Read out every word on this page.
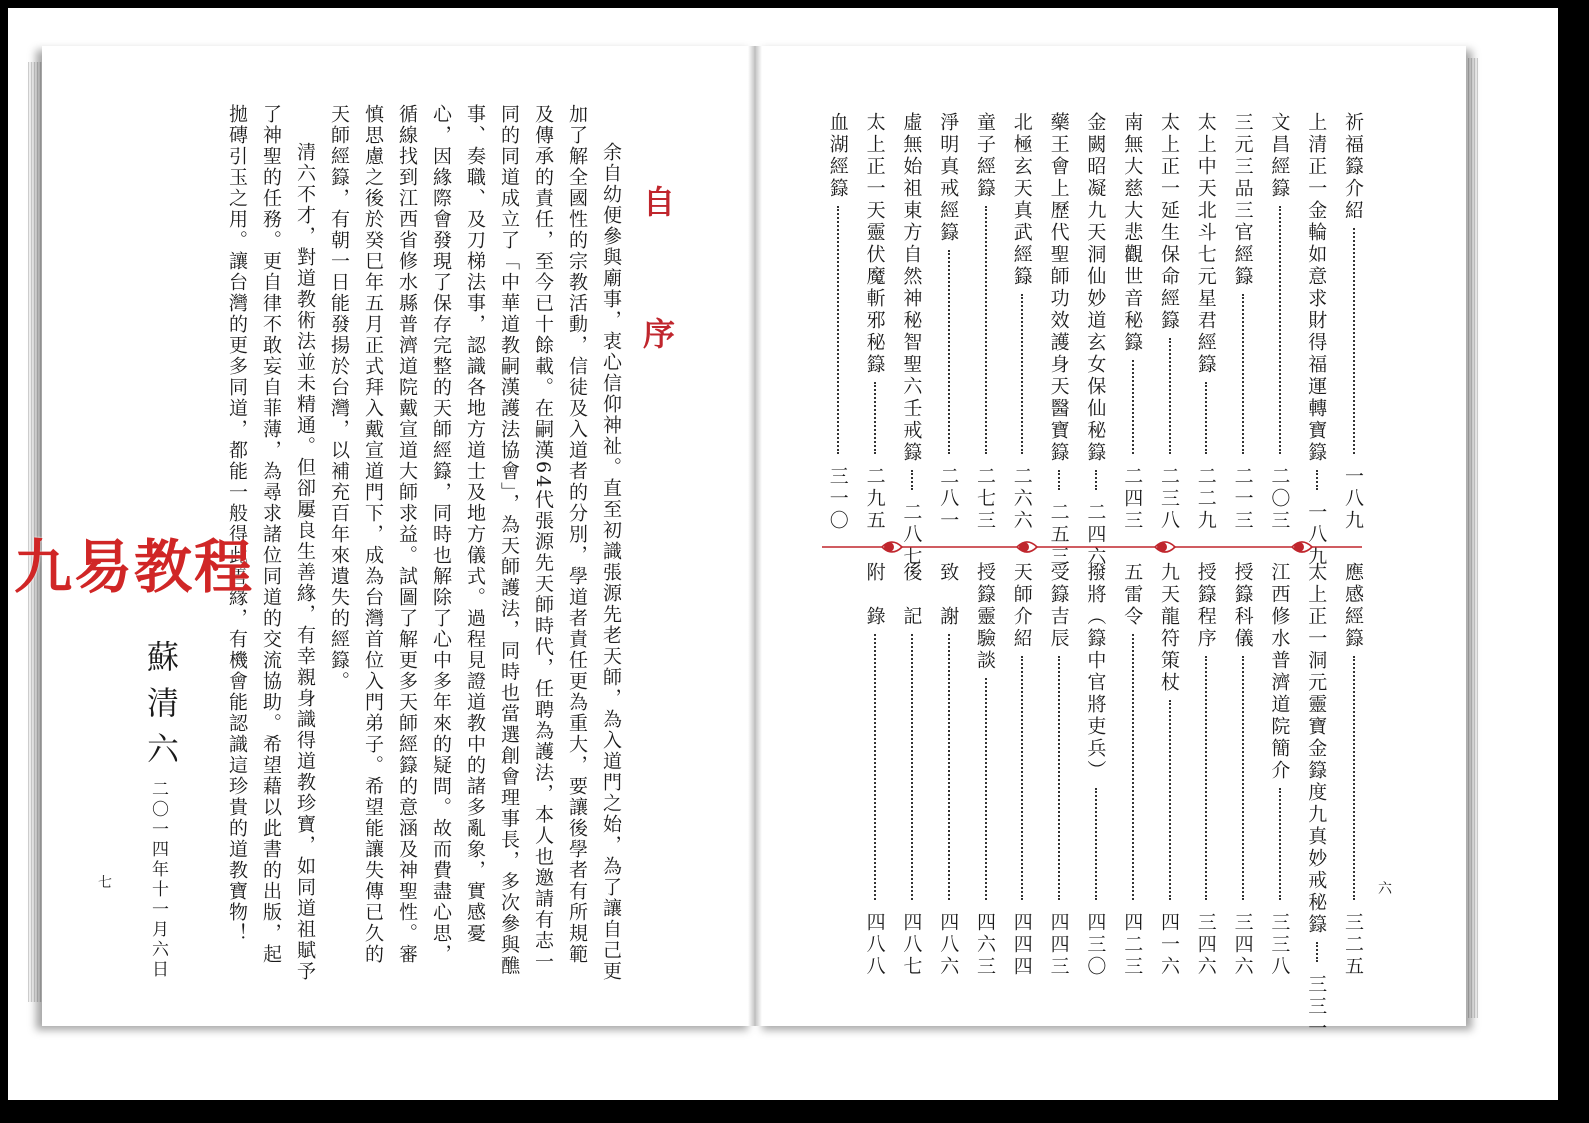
自　序

余自幼便參與廟事，衷心信仰神祉。直至初識張源先老天師，為入道門之始，為了讓自己更加了解全國性的宗教活動，信徒及入道者的分別，學道者責任更為重大，要讓後學者有所規範及傳承的責任，至今已十餘載。在嗣漢64代張源先天師時代，任聘為護法，本人也邀請有志一同的同道成立了「中華道教嗣漢護法協會」，為天師護法，同時也當選創會理事長，多次參與醮事、奏職、及刀梯法事，認識各地方道士及地方儀式。過程見證道教中的諸多亂象，實感憂心，因緣際會發現了保存完整的天師經籙，同時也解除了心中多年來的疑問。故而費盡心思，循線找到江西省修水縣普濟道院戴宣道大師求益。試圖了解更多天師經籙的意涵及神聖性。審慎思慮之後於癸巳年五月正式拜入戴宣道門下，成為台灣首位入門弟子。希望能讓失傳已久的天師經籙，有朝一日能發揚於台灣，以補充百年來遺失的經籙。

清六不才，對道教術法並未精通。但卻屢良生善緣，有幸親身識得道教珍寶，如同道祖賦予了神聖的任務。更自律不敢妄自菲薄，為尋求諸位同道的交流協助。希望藉以此書的出版，起拋磚引玉之用。讓台灣的更多同道，都能一般得此善緣，有機會能認識這珍貴的道教寶物！

蘇清六
二〇一四年十一月六日
七
祈福籙介紹
一八九
上清正一金輪如意求財得福運轉寶籙
一八九
文昌經籙
二〇三
三元三品三官經籙
二一三
太上中天北斗七元星君經籙
二二九
太上正一延生保命經籙
二三八
南無大慈大悲觀世音秘籙
二四三
金闕昭凝九天洞仙妙道玄女保仙秘籙
二四六
藥王會上歷代聖師功效護身天醫寶籙
二五三
北極玄天真武經籙
二六六
童子經籙
二七三
淨明真戒經籙
二八一
虛無始祖東方自然神秘智聖六壬戒籙
二八七
太上正一天靈伏魔斬邪秘籙
二九五
血湖經籙
三一〇
應感經籙
三二五
太上正一洞元靈寶金籙度九真妙戒秘籙
三三一
江西修水普濟道院簡介
三三八
授籙科儀
三四六
授籙程序
三四六
九天龍符策杖
四一六
五雷令
四二三
撥將（籙中官將吏兵）
四三〇
受籙吉辰
四四三
天師介紹
四四四
授籙靈驗談
四六三
致　謝
四八六
後　記
四八七
附　錄
四八八
六
九易教程
